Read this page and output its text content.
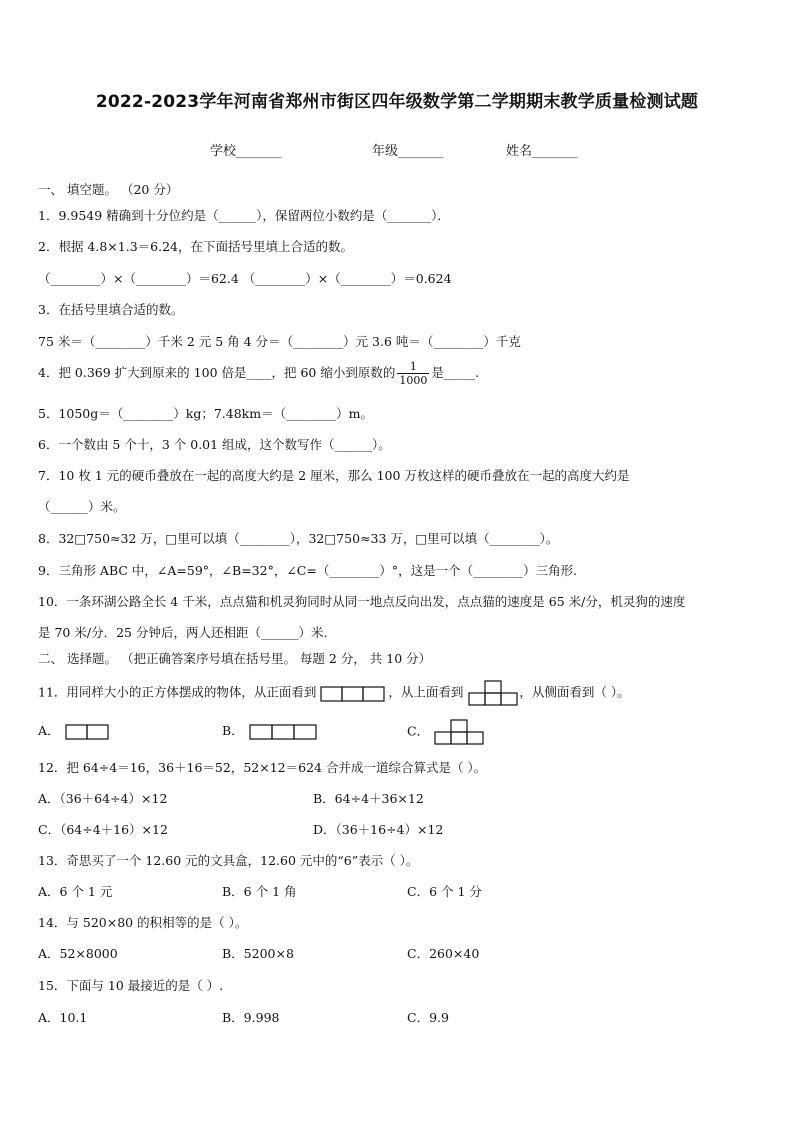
2022-2023学年河南省郑州市街区四年级数学第二学期期末教学质量检测试题
学校_______	年级_______	姓名_______
一、 填空题。 （20 分）
1．9.9549 精确到十分位约是（______），保留两位小数约是（_______）．
2．根据 4.8×1.3＝6.24，在下面括号里填上合适的数。
（________）×（________）＝62.4 （________）×（________）＝0.624
3．在括号里填合适的数。
75 米＝（________）千米 2 元 5 角 4 分＝（________）元 3.6 吨＝（________）千克
4．把 0.369 扩大到原来的 100 倍是____，把 60 缩小到原数的 $\frac{1}{1000}$ 是_____.
5．1050g＝（________）kg；7.48km＝（________）m。
6．一个数由 5 个十，3 个 0.01 组成，这个数写作（______）。
7．10 枚 1 元的硬币叠放在一起的高度大约是 2 厘米，那么 100 万枚这样的硬币叠放在一起的高度大约是
（______）米。
8．32□750≈32 万，□里可以填（________），32□750≈33 万，□里可以填（________）。
9．三角形 ABC 中，∠A=59°，∠B=32°，∠C=（________）°，这是一个（________）三角形.
10．一条环湖公路全长 4 千米，点点猫和机灵狗同时从同一地点反向出发，点点猫的速度是 65 米/分，机灵狗的速度
是 70 米/分．25 分钟后，两人还相距（______）米.
二、 选择题。 （把正确答案序号填在括号里。 每题 2 分， 共 10 分）
11．用同样大小的正方体摆成的物体，从正面看到	，从上面看到	，从侧面看到（ ）。
A．	B．	C．
12．把 64÷4＝16，36＋16＝52，52×12＝624 合并成一道综合算式是（ ）。
A．（36＋64÷4）×12	B．64÷4＋36×12
C．（64÷4＋16）×12	D．（36＋16÷4）×12
13．奇思买了一个 12.60 元的文具盒，12.60 元中的“6”表示（ ）。
A．6 个 1 元	B．6 个 1 角	C．6 个 1 分
14．与 520×80 的积相等的是（ ）。
A．52×8000	B．5200×8	C．260×40
15．下面与 10 最接近的是（ ）.
A．10.1	B．9.998	C．9.9
